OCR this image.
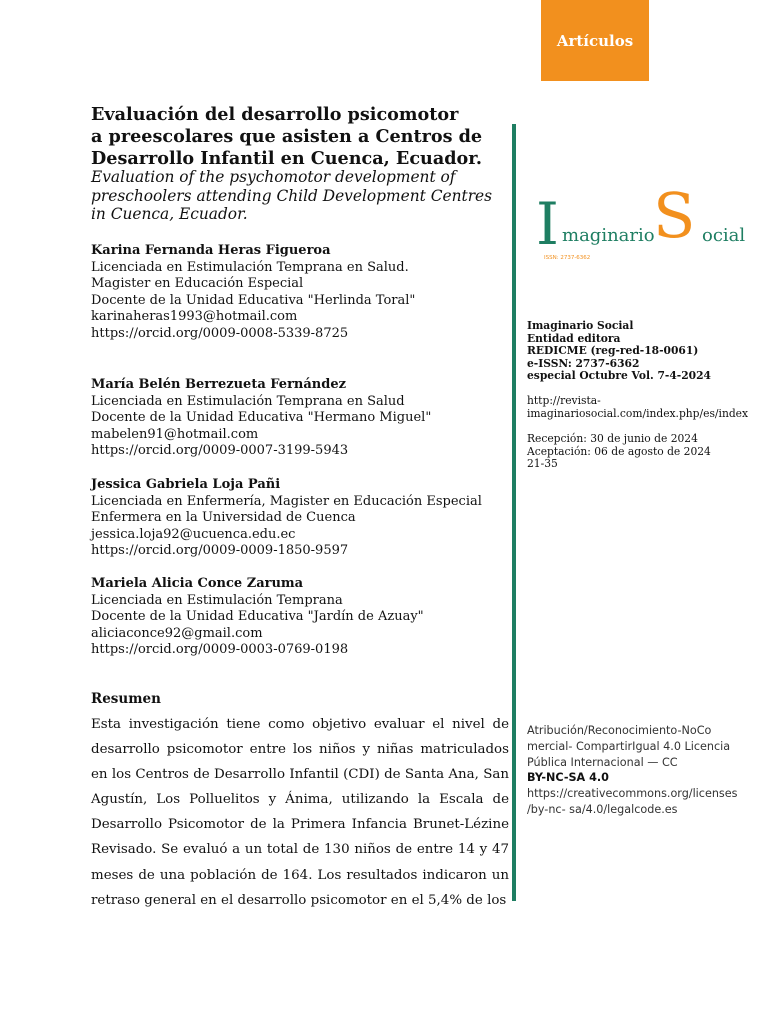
Artículos
Evaluación del desarrollo psicomotor
a preescolares que asisten a Centros de
Desarrollo Infantil en Cuenca, Ecuador.
Evaluation of the psychomotor development of
preschoolers attending Child Development Centres
in Cuenca, Ecuador.
Karina Fernanda Heras Figueroa
Licenciada en Estimulación Temprana en Salud.
Magister en Educación Especial
Docente de la Unidad Educativa "Herlinda Toral"
karinaheras1993@hotmail.com
https://orcid.org/0009-0008-5339-8725
María Belén Berrezueta Fernández
Licenciada en Estimulación Temprana en Salud
Docente de la Unidad Educativa "Hermano Miguel"
mabelen91@hotmail.com
https://orcid.org/0009-0007-3199-5943
Jessica Gabriela Loja Pañi
Licenciada en Enfermería, Magister en Educación Especial
Enfermera en la Universidad de Cuenca
jessica.loja92@ucuenca.edu.ec
https://orcid.org/0009-0009-1850-9597
Mariela Alicia Conce Zaruma
Licenciada en Estimulación Temprana
Docente de la Unidad Educativa "Jardín de Azuay"
aliciaconce92@gmail.com
https://orcid.org/0009-0003-0769-0198
Resumen

Esta investigación tiene como objetivo evaluar el nivel de desarrollo psicomotor entre los niños y niñas matriculados en los Centros de Desarrollo Infantil (CDI) de Santa Ana, San Agustín, Los Polluelitos y Ánima, utilizando la Escala de Desarrollo Psicomotor de la Primera Infancia Brunet-Lézine Revisado. Se evaluó a un total de 130 niños de entre 14 y 47 meses de una población de 164. Los resultados indicaron un retraso general en el desarrollo psicomotor en el 5,4% de los

I maginario
S ocial
ISSN: 2737-6362
Imaginario Social
Entidad editora
REDICME (reg-red-18-0061)
e-ISSN: 2737-6362
especial Octubre Vol. 7-4-2024
http://revista-
imaginariosocial.com/index.php/es/index
Recepción: 30 de junio de 2024
Aceptación: 06 de agosto de 2024
21-35
Atribución/Reconocimiento-NoCo
mercial- CompartirIgual 4.0 Licencia
Pública Internacional — CC
BY-NC-SA 4.0
https://creativecommons.org/licenses
/by-nc- sa/4.0/legalcode.es
